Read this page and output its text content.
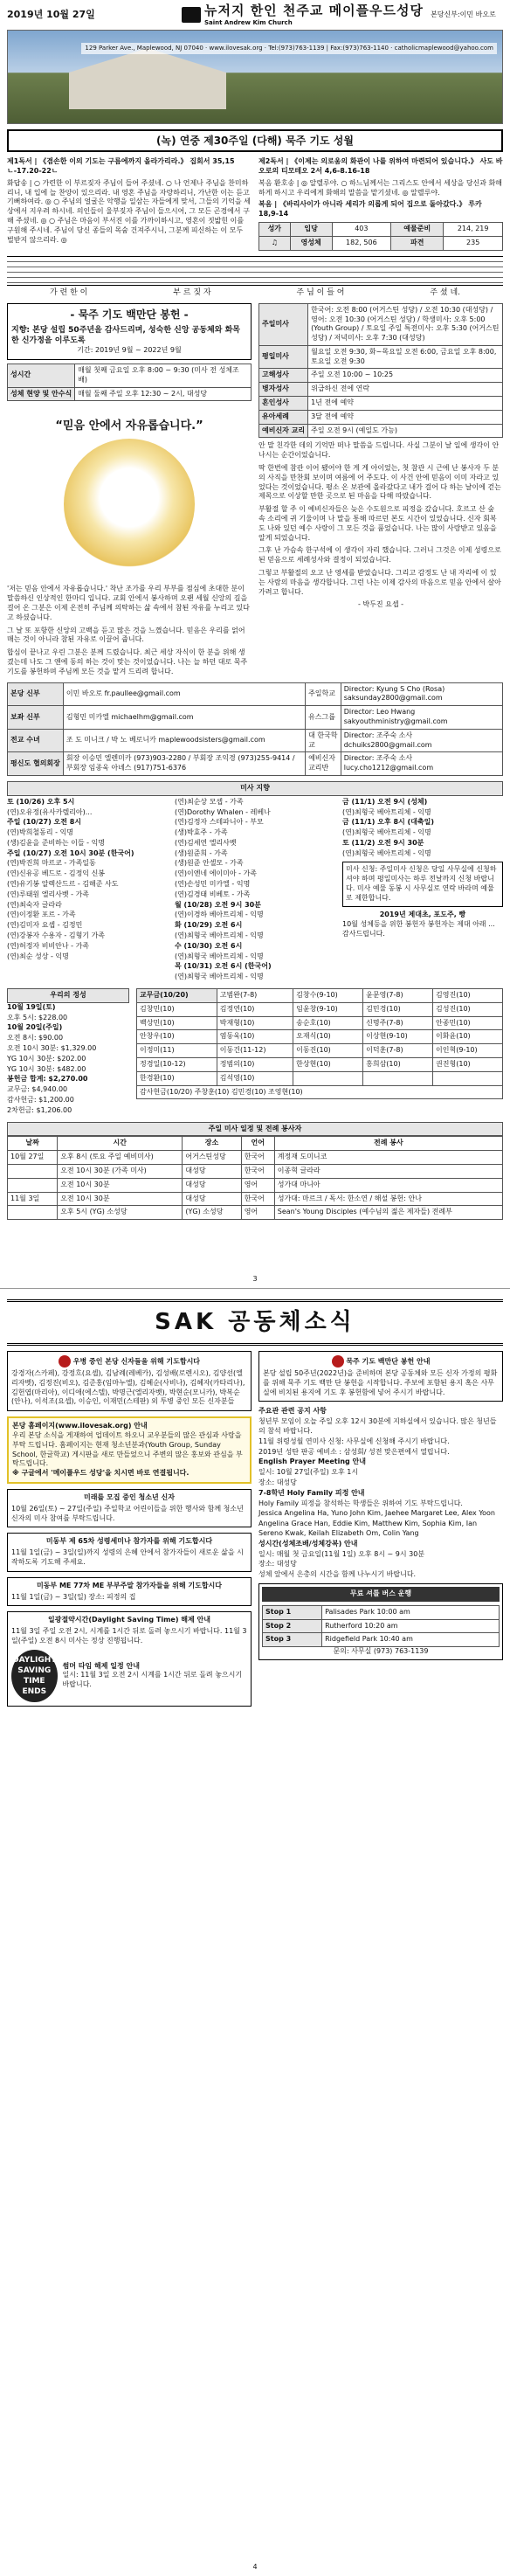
2019년 10월 27일	뉴저지 한인 천주교 메이플우드성당
Saint Andrew Kim Church
본당신부:이민 바오로
129 Parker Ave., Maplewood, NJ 07040 · www.ilovesak.org · Tel:(973)763-1139 | Fax:(973)763-1140 · catholicmaplewood@yahoo.com
(녹) 연중 제30주일 (다해) 묵주 기도 성월

제1독서 | 《겸손한 이의 기도는 구름에까지 올라가리라.》 집회서 35,15ㄴ-17.20-22ㄴ

화답송 | ○ 가련한 이 부르짖자 주님이 들어 주셨네. ○ 나 언제나 주님을 찬미하리니, 내 입에 늘 찬양이 있으리라. 내 영혼 주님을 자랑하리니, 가난한 이는 듣고 기뻐하여라. ◎ ○ 주님의 얼굴은 악행을 일삼는 자들에게 맞서, 그들의 기억을 세상에서 지우려 하시네. 의인들이 울부짖자 주님이 들으시어, 그 모든 곤경에서 구해 주셨네. ◎ ○ 주님은 마음이 부서진 이를 가까이하시고, 영혼이 짓밟힌 이를 구원해 주시네. 주님이 당신 종들의 목숨 건져주시니, 그분께 피신하는 이 모두 벌받지 않으리라. ◎

제2독서 | 《이제는 의로움의 화관이 나를 위하여 마련되어 있습니다.》 사도 바오로의 티모테오 2서 4,6-8.16-18

복음 환호송 | ◎ 알렐루야. ○ 하느님께서는 그리스도 안에서 세상을 당신과 화해하게 하시고 우리에게 화해의 말씀을 맡기셨네. ◎ 알렐루야.

복음 | 《바리사이가 아니라 세리가 의롭게 되어 집으로 돌아갔다.》 루카 18,9-14

성가	입당	403	예물준비	214, 219
♫	영성체	182, 506	파견	235
가 련 한 이	부 르 짖 자	주 님 이 들 어	주 셨 네.
- 묵주 기도 백만단 봉헌 -

지향: 본당 설립 50주년을 감사드리며, 성숙한 신앙 공동체와 화목한 신가정을 이루도록

기간: 2019년 9월 ~ 2022년 9월

성시간	매월 첫째 금요일 오후 8:00 ~ 9:30 (미사 전 성체조배)
성체 현양 및 안수식	매월 둘째 주일 오후 12:30 ~ 2시, 대성당
“믿음 안에서 자유롭습니다.”

'저는 믿음 안에서 자유롭습니다.' 착난 조가를 우리 부부를 점심에 초대한 분이 말씀하신 인상적인 한마디 입니다. 교회 안에서 봉사하며 오랜 세월 신앙의 길을 걸어 온 그분은 이제 온전히 주님께 의탁하는 삶 속에서 참된 자유를 누리고 있다고 하셨습니다.

그 날 또 포항한 신앙의 고백을 듣고 많은 것을 느꼈습니다. 믿음은 우리를 얽어매는 것이 아니라 참된 자유로 이끌어 줍니다.

합심이 끝나고 우린 그분은 분께 드렸습니다. 최근 세상 자식이 한 분을 위해 생겼는데 나도 그 앤에 동의 하는 것이 맞는 것이었습니다. 나는 늘 하던 대로 묵주기도를 봉헌하며 주님께 모든 것을 맡겨 드리려 합니다.

주일미사	한국어: 오전 8:00 (어거스틴 성당) / 오전 10:30 (대성당) / 영어: 오전 10:30 (어거스틴 성당) / 학생미사: 오후 5:00 (Youth Group) / 토요일 주일 특전미사: 오후 5:30 (어거스틴 성당) / 저녁미사: 오후 7:30 (대성당)
평일미사	월요일 오전 9:30, 화~목요일 오전 6:00, 금요일 오후 8:00, 토요일 오전 9:30
고해성사	주일 오전 10:00 ~ 10:25
병자성사	위급하신 전에 연락
혼인성사	1년 전에 예약
유아세례	3달 전에 예약
예비신자 교리	주일 오전 9시 (예일도 가능)

안 말 친각한 데의 기억만 떠나 말씀을 드립니다. 사실 그분이 날 일에 생각이 안 나시는 순간이었습니다.

딱 한번에 참관 이어 됐어야 한 게 게 아이었는, 첫 참관 시 근에 난 봉사자 두 분의 사직을 만찬회 보이며 여름에 어 주도다. 이 사건 안에 믿음이 이미 자라고 있었다는 것이었습니다. 평소 온 보관에 올라갔다고 내가 걸어 다 하는 날이에 걷는 제목으로 이상할 만한 곳으로 된 마음을 다해 따랐습니다.

부활절 할 주 이 예비신자들은 늦은 수도원으로 피정을 갔습니다. 호르고 산 숲 속 소리에 귀 기울이며 나 말을 통해 따르던 본도 시간이 있었습니다. 신자 회복도 나와 있던 예수 사랑이 그 모든 것을 품었습니다. 나는 많이 사랑받고 있음을 알게 되었습니다.

그후 난 가슴속 한구석에 이 생각이 자리 했습니다. 그러니 그것은 이제 성령으로 된 믿음으로 세례성사와 결정이 되었습니다.

그렇고 부활절의 오고 난 영세를 받았습니다. 그리고 감정도 난 내 자리에 이 있는 사람의 마음을 생각합니다. 그런 나는 이제 감사의 마음으로 믿음 안에서 살아가려고 합니다.

- 박두진 요셉 -

본당 신부	이민 바오로 fr.paullee@gmail.com	주일학교	Director: Kyung S Cho (Rosa) saksunday2800@gmail.com
보좌 신부	김형민 미카엘 michaelhm@gmail.com	유스그룹	Director: Leo Hwang sakyouthministry@gmail.com
전교 수녀	조 도 미니크 / 박 노 베로니카 maplewoodsisters@gmail.com	대 한국학교	Director: 조주숙 소사 dchuiks2800@gmail.com
평신도 협의회장	회장 이승민 엘렌미카 (973)903-2280 / 부회장 조익경 (973)255-9414 / 부회장 임종욱 아녜스 (917)751-6376	예비신자 교리반	Director: 조주숙 소사 lucy.cho1212@gmail.com
미사 지향

토 (10/26) 오후 5시

(연)오유정(유사카렐리아)...

주일 (10/27) 오전 8시

(연)박희철동리 - 익명

(생)김윤을 준비하는 이들 - 익명

주일 (10/27) 오전 10시 30분 (한국어)

(연)박진희 마르코 - 가족일동

(연)신유공 베드로 - 김정익 신봉

(연)유기봉 알렉산드르 - 김해준 사도

(연)루태원 엘리사벳 - 가족

(연)최숙자 글라라

(연)이정환 포르 - 가족

(연)김미자 요셉 - 김정민

(연)강봉자 수용자 - 김형기 가족

(연)허정자 비비안나 - 가족

(연)최순 성상 - 익명

(연)최순상 모셉 - 가족

(연)Dorothy Whalen - 레베나

(연)김정자 스테파니아 - 부모

(생)박효주 - 가족

(연)김세연 엘리사벳

(생)원쥰희 - 가족

(생)원쥰 안셀모 - 가족

(연)이엔네 에이미아 - 가족

(연)손성민 미카엘 - 익명

(연)김경태 비베토 - 가족

월 (10/28) 오전 9시 30분

(연)이경하 베아트리체 - 익명

화 (10/29) 오전 6시

(연)최형국 베아트리체 - 익명

수 (10/30) 오전 6시

(연)최형국 베아트리체 - 익명

목 (10/31) 오전 6시 (한국어)

(연)최형국 베아트리체 - 익명

금 (11/1) 오전 9시 (성체)

(연)최형국 베아트리체 - 익명

금 (11/1) 오후 8시 (대축일)

(연)최형국 베아트리체 - 익명

토 (11/2) 오전 9시 30분

(연)최형국 베아트리체 - 익명

미사 신청: 주일미사 신청은 당일 사무실에 신청하셔야 하며 평일미사는 하루 전날까지 신청 바랍니다. 미사 예물 동봉 시 사무실로 연락 바라며 예물로 제한합니다.

2019년 제대초, 포도주, 빵

10월 성체등을 위한 봉헌자 봉헌자는 제대 아래 ... 감사드립니다.

우리의 정성

10월 19일(토)

오후 5시: $228.00

10월 20일(주일)

오전 8시: $90.00

오전 10시 30분: $1,329.00

YG 10시 30분: $202.00

YG 10시 30분: $482.00

봉헌금 합계: $2,270.00

교무금: $4,940.00

감사헌금: $1,200.00

2차헌금: $1,206.00

교무금(10/20)	고범완(7-8)	김창수(9-10)	윤문영(7-8)	김영진(10)
김창민(10)	김정연(10)	임윤창(9-10)	김민경(10)	김성진(10)
백상민(10)	박재형(10)	송순호(10)	신명주(7-8)	안종민(10)
안창우(10)	염동욱(10)	오재식(10)	이상현(9-10)	이화윤(10)
이정미(11)	이동건(11-12)	이동진(10)	이덕훈(7-8)	이인혁(9-10)
정경일(10-12)	정범의(10)	한상현(10)	홍희삼(10)	권진형(10)
한경환(10)	김석영(10)			
감사헌금(10/20) 주창훈(10) 김민경(10) 조영현(10)				
주일 미사 일정 및 전례 봉사자
날짜	시간	장소	언어	전례 봉사
10월 27일	오후 8시 (토요 주일 예비미사)	어거스틴성당	한국어	계정재 도미니코
	오전 10시 30분 (가족 미사)	대성당	한국어	이종혁 글라라
	오전 10시 30분	대성당	영어	성가대 마니아
11월 3일	오전 10시 30분	대성당	한국어	성가대: 마르크 / 독서: 한소연 / 해설 봉헌: 안나
	오후 5시 (YG) 소성당	(YG) 소성당	영어	Sean's Young Disciples (예수님의 젊은 제자들) 전례부
3
SAK 공동체소식
우병 중인 본당 신자들을 위해 기도합시다

강경자(스카페), 강정흐(요셉), 김남례(레베카), 김성배(로렌시오), 김양선(엘리자벳), 김정진(비오), 김준홍(임마누엘), 김혜순(사비나), 김혜자(카타리나), 김헌엽(마리아), 이디애(에스텔), 박명근(엘리자벳), 박현순(모니카), 박복순(안나), 이석조(요셉), 이승인, 이재민(스테판) 외 투병 중인 모든 신자분들

본당 홈페이지(www.ilovesak.org) 안내

우리 본당 소식을 게재하여 업데이트 하오니 교우분들의 많은 관심과 사랑을 부탁 드립니다. 홈페이지는 현재 청소년분과(Youth Group, Sunday School, 한글학교) 게시판을 새로 만들었으니 주변의 많은 홍보와 관심을 부탁드립니다.

※ 구글에서 '메이플우드 성당'을 치시면 바로 연결됩니다.

미래를 모집 중인 청소년 신자

10월 26일(토) ~ 27일(주일) 주일학교 어린이들을 위한 행사와 함께 청소년 신자의 미사 참여를 부탁드립니다.

미동부 제 65차 성령세미나 참가자를 위해 기도합시다

11월 1일(금) ~ 3일(일)까지 성령의 은혜 안에서 참가자들이 새로운 삶을 시작하도록 기도해 주세요.

미동부 ME 77차 ME 부부주말 참가자들을 위해 기도합시다

11월 1일(금) ~ 3일(일) 장소: 피정의 집

일광절약시간(Daylight Saving Time) 해제 안내

11월 3일 주일 오전 2시, 시계를 1시간 뒤로 돌려 놓으시기 바랍니다. 11월 3일(주일) 오전 8시 미사는 정상 진행됩니다.

DAYLIGHT SAVING TIME ENDS

썸머 타임 해제 일정 안내

일시: 11월 3일 오전 2시 시계를 1시간 뒤로 돌려 놓으시기 바랍니다.

묵주 기도 백만단 봉헌 안내

본당 설립 50주년(2022년)을 준비하며 본당 공동체와 모든 신자 가정의 평화를 위해 묵주 기도 백만 단 봉헌을 시작합니다. 주보에 포함된 용지 혹은 사무실에 비치된 용지에 기도 후 봉헌함에 넣어 주시기 바랍니다.

주요관 관련 공지 사항

청년부 모임이 오늘 주일 오후 12시 30분에 지하실에서 있습니다. 많은 청년들의 참석 바랍니다.

11월 위령성월 연미사 신청: 사무실에 신청해 주시기 바랍니다.

2019년 성탄 판공 예비소 : 삼성회/ 성전 맞은편에서 열립니다.

English Prayer Meeting 안내

일시: 10월 27일(주일) 오후 1시

장소: 대성당

7-8학년 Holy Family 피정 안내

Holy Family 피정을 참석하는 학생들은 위하여 기도 부탁드립니다.

Jessica Angelina Ha, Yuno John Kim, Jaehee Margaret Lee, Alex Yoon

Angelina Grace Han, Eddie Kim, Matthew Kim, Sophia Kim, Ian Sereno Kwak, Keilah Elizabeth Om, Colin Yang

성시간(성체조배/성체강복) 안내

일시: 매월 첫 금요일(11월 1일) 오후 8시 ~ 9시 30분

장소: 대성당

성체 앞에서 은총의 시간을 함께 나누시기 바랍니다.

무료 셔틀 버스 운행
Stop 1	Palisades Park 10:00 am
Stop 2	Rutherford 10:20 am
Stop 3	Ridgefield Park 10:40 am

문의: 사무실 (973) 763-1139

4
